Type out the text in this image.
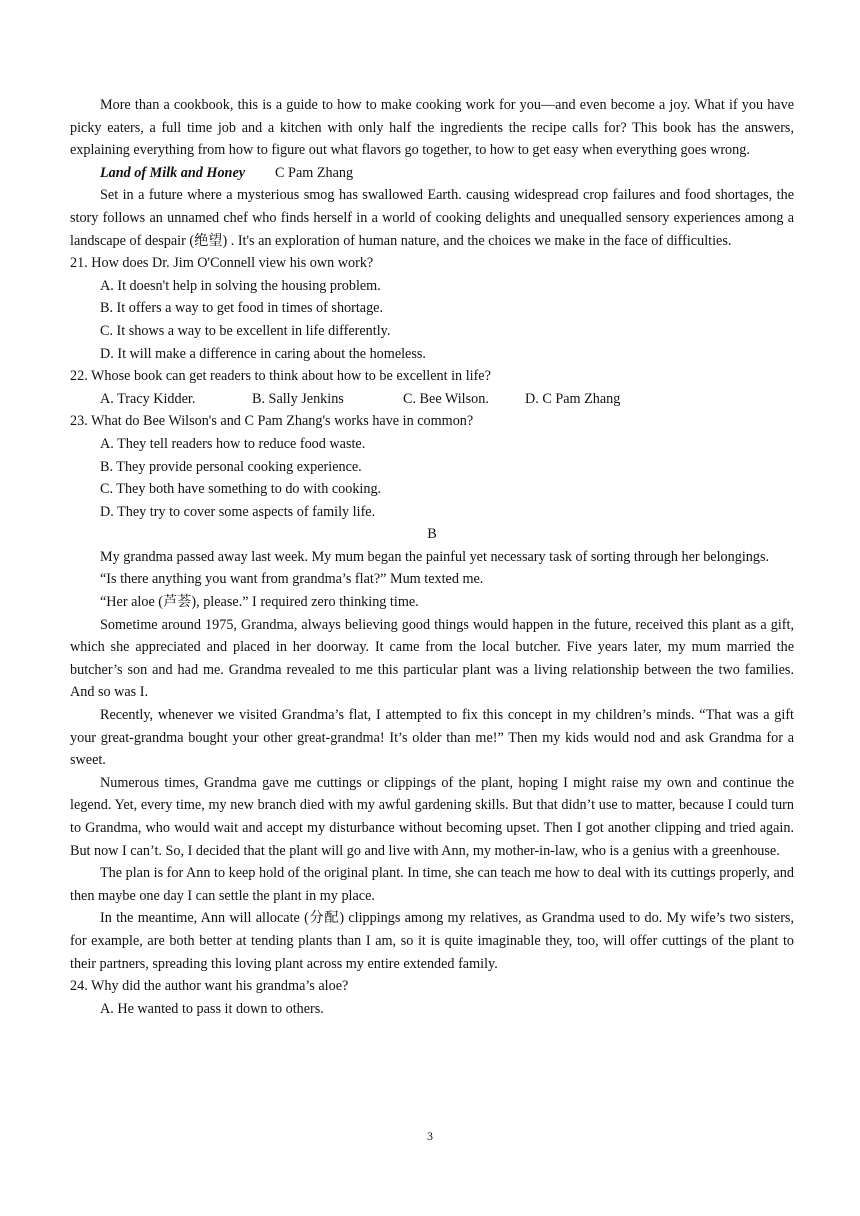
More than a cookbook, this is a guide to how to make cooking work for you—and even become a joy. What if you have picky eaters, a full time job and a kitchen with only half the ingredients the recipe calls for? This book has the answers, explaining everything from how to figure out what flavors go together, to how to get easy when everything goes wrong.

Land of Milk and Honey C Pam Zhang

Set in a future where a mysterious smog has swallowed Earth. causing widespread crop failures and food shortages, the story follows an unnamed chef who finds herself in a world of cooking delights and unequalled sensory experiences among a landscape of despair (绝望) . It's an exploration of human nature, and the choices we make in the face of difficulties.

21. How does Dr. Jim O'Connell view his own work?

A. It doesn't help in solving the housing problem.

B. It offers a way to get food in times of shortage.

C. It shows a way to be excellent in life differently.

D. It will make a difference in caring about the homeless.

22. Whose book can get readers to think about how to be excellent in life?

A. Tracy Kidder.	B. Sally Jenkins	C. Bee Wilson.	D. C Pam Zhang

23. What do Bee Wilson's and C Pam Zhang's works have in common?

A. They tell readers how to reduce food waste.

B. They provide personal cooking experience.

C. They both have something to do with cooking.

D. They try to cover some aspects of family life.

B

My grandma passed away last week. My mum began the painful yet necessary task of sorting through her belongings.

“Is there anything you want from grandma’s flat?” Mum texted me.

“Her aloe (芦荟), please.” I required zero thinking time.

Sometime around 1975, Grandma, always believing good things would happen in the future, received this plant as a gift, which she appreciated and placed in her doorway. It came from the local butcher. Five years later, my mum married the butcher’s son and had me. Grandma revealed to me this particular plant was a living relationship between the two families. And so was I.

Recently, whenever we visited Grandma’s flat, I attempted to fix this concept in my children’s minds. “That was a gift your great-grandma bought your other great-grandma! It’s older than me!” Then my kids would nod and ask Grandma for a sweet.

Numerous times, Grandma gave me cuttings or clippings of the plant, hoping I might raise my own and continue the legend. Yet, every time, my new branch died with my awful gardening skills. But that didn’t use to matter, because I could turn to Grandma, who would wait and accept my disturbance without becoming upset. Then I got another clipping and tried again. But now I can’t. So, I decided that the plant will go and live with Ann, my mother-in-law, who is a genius with a greenhouse.

The plan is for Ann to keep hold of the original plant. In time, she can teach me how to deal with its cuttings properly, and then maybe one day I can settle the plant in my place.

In the meantime, Ann will allocate (分配) clippings among my relatives, as Grandma used to do. My wife’s two sisters, for example, are both better at tending plants than I am, so it is quite imaginable they, too, will offer cuttings of the plant to their partners, spreading this loving plant across my entire extended family.

24. Why did the author want his grandma’s aloe?

A. He wanted to pass it down to others.

3
